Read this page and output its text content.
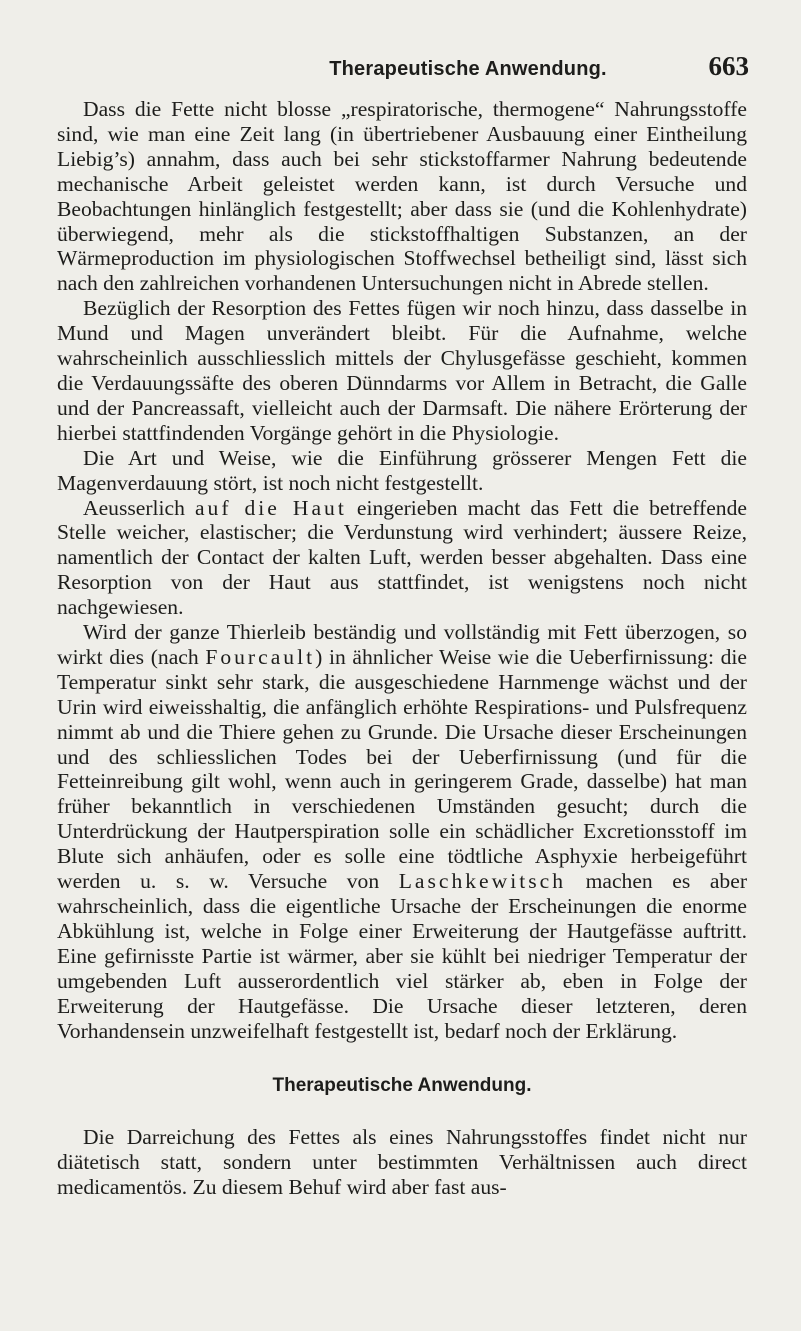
Therapeutische Anwendung.	663

Dass die Fette nicht blosse „respiratorische, thermogene“ Nahrungsstoffe sind, wie man eine Zeit lang (in übertriebener Ausbauung einer Eintheilung Liebig’s) annahm, dass auch bei sehr stickstoffarmer Nahrung bedeutende mechanische Arbeit geleistet werden kann, ist durch Versuche und Beobachtungen hinlänglich festgestellt; aber dass sie (und die Kohlenhydrate) überwiegend, mehr als die stickstoffhaltigen Substanzen, an der Wärmeproduction im physiologischen Stoffwechsel betheiligt sind, lässt sich nach den zahlreichen vorhandenen Untersuchungen nicht in Abrede stellen.

Bezüglich der Resorption des Fettes fügen wir noch hinzu, dass dasselbe in Mund und Magen unverändert bleibt. Für die Aufnahme, welche wahrscheinlich ausschliesslich mittels der Chylusgefässe geschieht, kommen die Verdauungssäfte des oberen Dünndarms vor Allem in Betracht, die Galle und der Pancreassaft, vielleicht auch der Darmsaft. Die nähere Erörterung der hierbei stattfindenden Vorgänge gehört in die Physiologie.

Die Art und Weise, wie die Einführung grösserer Mengen Fett die Magenverdauung stört, ist noch nicht festgestellt.

Aeusserlich auf die Haut eingerieben macht das Fett die betreffende Stelle weicher, elastischer; die Verdunstung wird verhindert; äussere Reize, namentlich der Contact der kalten Luft, werden besser abgehalten. Dass eine Resorption von der Haut aus stattfindet, ist wenigstens noch nicht nachgewiesen.

Wird der ganze Thierleib beständig und vollständig mit Fett überzogen, so wirkt dies (nach Fourcault) in ähnlicher Weise wie die Ueberfirnissung: die Temperatur sinkt sehr stark, die ausgeschiedene Harnmenge wächst und der Urin wird eiweisshaltig, die anfänglich erhöhte Respirations- und Pulsfrequenz nimmt ab und die Thiere gehen zu Grunde. Die Ursache dieser Erscheinungen und des schliesslichen Todes bei der Ueberfirnissung (und für die Fetteinreibung gilt wohl, wenn auch in geringerem Grade, dasselbe) hat man früher bekanntlich in verschiedenen Umständen gesucht; durch die Unterdrückung der Hautperspiration solle ein schädlicher Excretionsstoff im Blute sich anhäufen, oder es solle eine tödtliche Asphyxie herbeigeführt werden u. s. w. Versuche von Laschkewitsch machen es aber wahrscheinlich, dass die eigentliche Ursache der Erscheinungen die enorme Abkühlung ist, welche in Folge einer Erweiterung der Hautgefässe auftritt. Eine gefirnisste Partie ist wärmer, aber sie kühlt bei niedriger Temperatur der umgebenden Luft ausserordentlich viel stärker ab, eben in Folge der Erweiterung der Hautgefässe. Die Ursache dieser letzteren, deren Vorhandensein unzweifelhaft festgestellt ist, bedarf noch der Erklärung.

Therapeutische Anwendung.

Die Darreichung des Fettes als eines Nahrungsstoffes findet nicht nur diätetisch statt, sondern unter bestimmten Verhältnissen auch direct medicamentös. Zu diesem Behuf wird aber fast aus-
